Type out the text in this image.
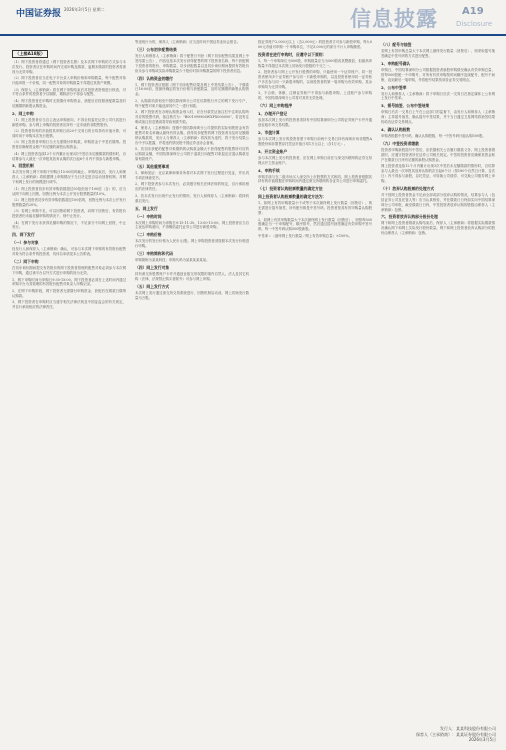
中国证券报 2026年3月5日 星期二	信息披露	Disclosure
A19
（上接A18版）

（1）网下投资者将通过《网下投资者名册》及本次网下申购的方式参与本次发行。投资者应在申购时间内完成申购及缴款，逾期未缴款的投资者将被视为无效申购。

（2）网下投资者应当在电子平台录入申购价格和申购数量，每个配售对象只能申报一个价格，同一配售对象的申购数量不得超过其资产规模。

（3）保荐人（主承销商）将在网下申购结束后对投资者资格进行核查，对不符合条件的投资者予以剔除，剔除部分不得参与配售。

（4）网下投资者在申购时无需缴付申购资金，获配后应按照获配数量及时足额缴纳新股认购资金。

2、网上申购

（1）网上投资者应当自主表达申购意向，不得全权委托证券公司代其进行新股申购。参与网上申购的投资者应持有一定市值的非限售股份。

（2）投资者持有的市值按其申购日前20个交易日的日均持有市值计算，可同时用于申购本次发行股票。

（3）网上投资者申购日当天无需缴付申购款，申购资金于中签后缴纳。投资者应确保资金账户有足额的新股认购资金。

（4）网上投资者连续12个月内累计出现3次中签后未足额缴款的情形时，自结算参与人最近一次申报其放弃认购的次日起6个月内不得参与新股申购。

3、回拨机制

本次发行网上网下申购于申购日15:00同时截止。申购结束后，发行人和保荐人（主承销商）将根据网上申购情况于当日决定是否启动回拨机制，对网下和网上发行的规模进行调节。

（1）网上投资者初步有效申购倍数超过50倍但低于100倍（含）的，应当从网下向网上回拨，回拨比例为本次公开发行股票数量的10%。

（2）网上投资者初步有效申购倍数超过100倍的，回拨比例为本次公开发行股票数量的20%。

（3）若网上申购不足，可以回拨给网下投资者，向网下回拨后，有效报价投资者仍未能足额申购的情况下，则中止发行。

（4）在网下发行未获得足额申购的情况下，不足部分不向网上回拨，中止发行。

四、网下发行

（一）参与对象

经发行人和保荐人（主承销商）确认，可参与本次网下申购的有效报价配售对象为符合条件的投资者，具体名单请见本公告附表。

（二）网下申购

在初步询价期间提交有效报价的网下投资者管理的配售对象必须参与本次网下申购，通过该平台以外方式进行申购的视为无效。

1、网下申购时间为申购日9:30-15:00。网下投资者必须在上述时间内通过申购平台为其管理的有效报价配售对象录入申购记录。

2、在网下申购阶段，网下投资者无需缴付申购资金，获配后在缴款日缴纳认购款。

3、网下投资者在申购时应当遵守相关法律法规及中国证监会的有关规定，并自行承担相应的法律责任。

等违规行为的，保荐人（主承销商）应当及时向中国证券业协会报告。

（三）公布初步配售结果

发行人和保荐人（主承销商）将于配售日刊登《网下初步配售结果及网上中签结果公告》，内容包括本次发行获得配售的网下投资者名称、每个获配网下投资者的报价、申购数量、初步获配数量以及初步询价期间提供有效报价但未参与申购或实际申购数量少于报价时拟申购数量的网下投资者信息。

（四）认购资金的缴付

1、网下投资者应根据《网下初步配售结果及网上中签结果公告》，于缴款日16:00前，按最终确定的发行价格与获配数量，及时足额缴纳新股认购资金。

2、认购款项须划至中国结算深圳分公司在结算银行开立的网下发行专户，每个配售对象只能选择其中之一进行划款。

3、网下投资者在办理认购资金划入时，应在付款凭证备注栏中注明认购所对应的股票代码，备注格式为："B001999906WXFX000000"，若没有注明或备注信息错误将导致划款失败。

4、保荐人（主承销商）按照中国结算深圳分公司提供的实际划拨资金有效配售对象名单确认最终有效认购。获得初步配售的网下投资者未及时足额缴纳认购款的，发行人与保荐人（主承销商）将视其为违约，将于发行结果公告中予以披露，并将违约情况报中国证券业协会备案。

5、若初步获配的配售对象缴纳的认购款金额大于获得配售的股票所对应的认购款金额，中国结算深圳分公司将于退款日向配售对象退还应退认购款至原划款账户。

（五）其他重要事项

1、律师见证：北京某律师事务所将对本次网下发行过程进行见证，并出具专项法律意见书。

2、网下投资者参与本次发行，必须遵守相关法律法规的规定，自行承担相应的法律责任。

3、若本次发行出现中止发行的情形，发行人和保荐人（主承销商）将择机重启发行。

五、网上发行

（一）申购时间

本次网上申购时间为申购日9:15-11:30、13:00-15:00。网上投资者应当自主表达申购意向，不得概括委托证券公司进行新股申购。

（二）申购价格

本次发行的发行价格为人民币元/股。网上申购投资者须按照本次发行价格进行申购。

（三）申购简称和代码

申购简称为某某科技；申购代码为某某某某某某。

（四）网上发行对象

持有深交所股票账户卡并开通创业板交易权限的境内自然人、法人及其它机构（法律、法规禁止购买者除外）可参与网上申购。

（五）网上发行方式

本次网上发行通过深交所交易系统进行，回拨机制启动前，网上初始发行数量为万股。

按证券账户2,000元以上（含2,000元）的投资者方可参与新股申购，每5,000元市值可申购一个申购单位，不足5,000元的部分不计入申购额度。

投资者在进行申购时，应遵守以下原则：

1、每一个申购单位为500股，申购数量应当为500股或其整数倍，但最高申购量不得超过本次网上初始发行股数的千分之一。

2、投资者参与网上公开发行股票的申购，只能使用一个证券账户。同一投资者使用多个证券账户参与同一只新股申购的，以及投资者使用同一证券账户多次参与同一只新股申购的，以该投资者的第一笔申购为有效申购，其余申购均为无效申购。

3、不合格、休眠、注销证券账户不得参与新股申购，上述账户参与申购的，中国结算深圳分公司将对其作无效处理。

（六）网上申购程序

1、办理开户登记

参加本次网上发行的投资者须持有中国结算深圳分公司的证券账户卡并开通创业板市场交易权限。

2、市值计算

参与本次网上发行的投资者需于申购日前两个交易日持有深圳市场非限售A股股份和非限售存托凭证市值日均1万元以上（含1万元）。

3、开立资金账户

参与本次网上发行的投资者，应在网上申购日前在与深交所联网的证券交易网点开立资金账户。

4、申购手续

申购手续与在二级市场买入深交所上市股票的方式相同，网上投资者根据其持有的市值数据在申购时间内通过深交所联网的各证券公司进行申购委托。

（七）投资者认购股票数量的确定方法

网上投资者认购股票数量的确定方法为：

1、如网上有效申购数量小于或等于本次最终网上发行数量（回拨后），则无需进行摇号抽签，所有配号都是中签号码，投资者按其有效申购量认购股票；

2、如网上有效申购数量大于本次最终网上发行数量（回拨后），则按每500股确定为一个申购配号，顺序排号，然后通过摇号抽签确定有效申购中签号码，每一中签号码认购500股新股。

中签率＝（最终网上发行数量／网上有效申购总量）×100%。

（八）配号与抽签

若网上有效申购总量大于本次网上最终发行数量（回拨后），则采取摇号抽签确定中签号码的方式进行配售。

1、申购配号确认

申购日，中国结算深圳分公司根据投资者新股申购情况确认有效申购总量，按每500股配一个申购号，对所有有效申购按时间顺序连续配号，配号不间断，直到最后一笔申购，并将配号结果传到各证券交易网点。

2、公布中签率

发行人和保荐人（主承销商）将于申购日后次一交易日在指定媒体上公布网上发行中签率。

3、摇号抽签、公布中签结果

申购日后次一交易日上午在公证部门的监督下，由发行人和保荐人（主承销商）主持摇号抽签，确认摇号中签结果，并于当日通过卫星网络将抽签结果传给各证券交易网点。

4、确认认购股数

申购者根据中签号码，确认认购股数，每一中签号码只能认购500股。

（九）中签投资者缴款

投资者申购新股摇号中签后，应依据相关公告履行缴款义务，网上投资者缴款时，应遵守投资者所在证券公司相关规定。中签的投资者应确保其资金账户在缴款日日终有足额的新股认购资金。

网上投资者连续12个月内累计出现3次中签后未足额缴款的情形时，自结算参与人最近一次申报其放弃认购的次日起6个月（按180个自然日计算，含次日）内不得参与新股、存托凭证、可转换公司债券、可交换公司债券网上申购。

（十）放弃认购股票的处理方式

对于因网上投资者资金不足而全部或部分放弃认购的情况，结算参与人（包括证券公司及托管人等）应当认真核验，并在缴款日日终如实向中国结算深圳分公司申报，截至缴款日日终，中签投资者放弃认购的股数由保荐人（主承销商）包销。

六、投资者放弃认购部分股份处理

网下和网上投资者缴款认购结束后，保荐人（主承销商）将根据实际缴款情况确认网下和网上实际发行股份数量。网下和网上投资者放弃认购部分的股份由保荐人（主承销商）包销。

发行人：某某科技股份有限公司
保荐人（主承销商）：某某证券股份有限公司
2026年3月5日
